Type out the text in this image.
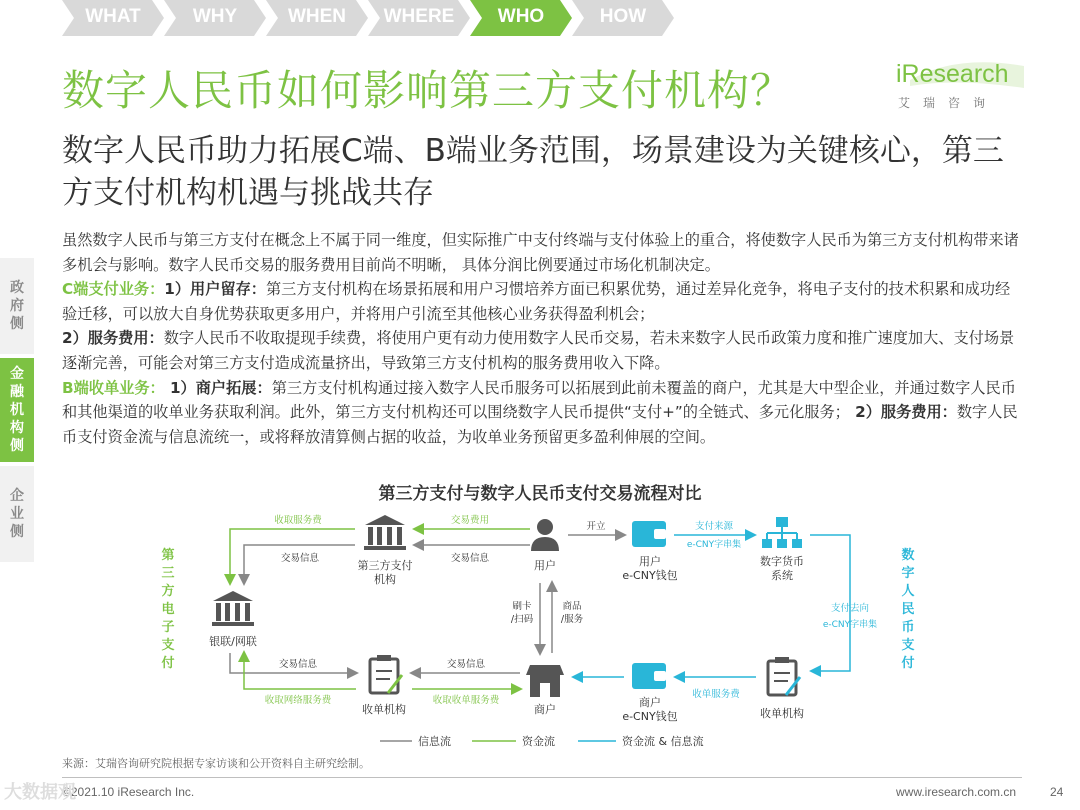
WHAT	WHY	WHEN	WHERE	WHO	HOW
数字人民币如何影响第三方支付机构？	iResearch
艾瑞咨询
数字人民币助力拓展C端、B端业务范围，场景建设为关键核心，第三方支付机构机遇与挑战共存
政府侧
金融机构侧
企业侧

虽然数字人民币与第三方支付在概念上不属于同一维度，但实际推广中支付终端与支付体验上的重合，将使数字人民币为第三方支付机构带来诸多机会与影响。数字人民币交易的服务费用目前尚不明晰， 具体分润比例要通过市场化机制决定。

C端支付业务：1）用户留存：第三方支付机构在场景拓展和用户习惯培养方面已积累优势，通过差异化竞争，将电子支付的技术积累和成功经验迁移，可以放大自身优势获取更多用户，并将用户引流至其他核心业务获得盈利机会；

2）服务费用：数字人民币不收取提现手续费，将使用户更有动力使用数字人民币交易，若未来数字人民币政策力度和推广速度加大、支付场景逐渐完善，可能会对第三方支付造成流量挤出，导致第三方支付机构的服务费用收入下降。

B端收单业务： 1）商户拓展：第三方支付机构通过接入数字人民币服务可以拓展到此前未覆盖的商户，尤其是大中型企业，并通过数字人民币和其他渠道的收单业务获取利润。此外，第三方支付机构还可以围绕数字人民币提供“支付+”的全链式、多元化服务； 2）服务费用：数字人民币支付资金流与信息流统一，或将释放清算侧占据的收益，为收单业务预留更多盈利伸展的空间。

第三方支付与数字人民币支付交易流程对比
第
三
方
电
子
支
付
数
字
人
民
币
支
付
第三方支付
机构
用户	用户
e-CNY钱包
数字货币
系统
银联/网联
收单机构	商户
商户
e-CNY钱包	收单机构
交易费用
交易信息
收取服务费
交易信息
开立	支付来源
e-CNY字串集
刷卡
/扫码
商品
/服务
支付去向
e-CNY字串集
收单服务费
交易信息
收取收单服务费
交易信息
收取网络服务费
信息流	资金流	资金流 & 信息流
来源：艾瑞咨询研究院根据专家访谈和公开资料自主研究绘制。
©2021.10 iResearch Inc.	www.iresearch.com.cn	24
大数据观
